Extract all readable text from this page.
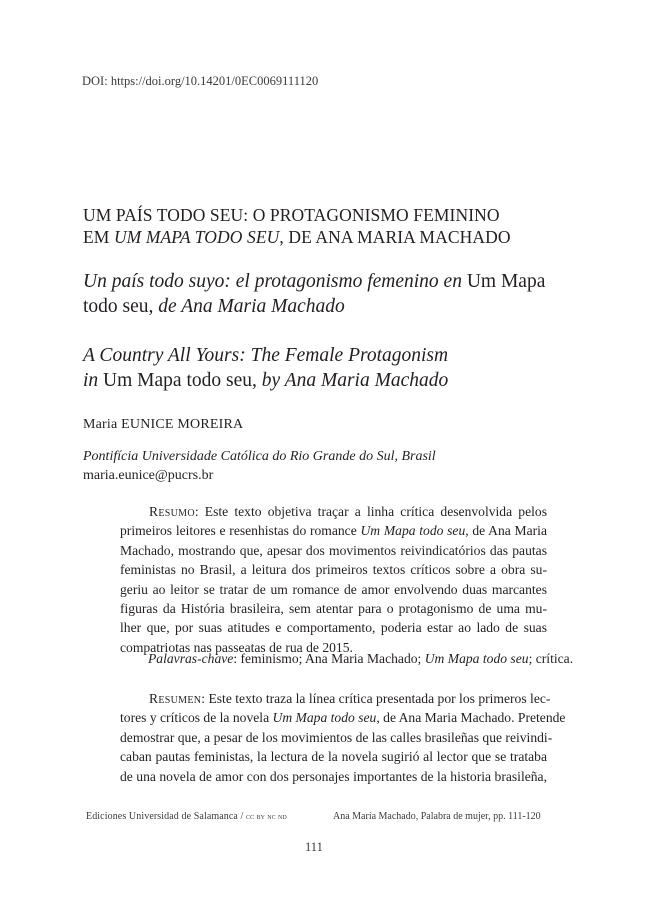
DOI: https://doi.org/10.14201/0EC0069111120
UM PAÍS TODO SEU: O PROTAGONISMO FEMININO
EM UM MAPA TODO SEU, DE ANA MARIA MACHADO
Un país todo suyo: el protagonismo femenino en Um Mapa
todo seu, de Ana Maria Machado
A Country All Yours: The Female Protagonism
in Um Mapa todo seu, by Ana Maria Machado
Maria EUNICE MOREIRA
Pontifícia Universidade Católica do Rio Grande do Sul, Brasil
maria.eunice@pucrs.br
Resumo: Este texto objetiva traçar a linha crítica desenvolvida pelos
primeiros leitores e resenhistas do romance Um Mapa todo seu, de Ana Maria
Machado, mostrando que, apesar dos movimentos reivindicatórios das pautas
feministas no Brasil, a leitura dos primeiros textos críticos sobre a obra su-
geriu ao leitor se tratar de um romance de amor envolvendo duas marcantes
figuras da História brasileira, sem atentar para o protagonismo de uma mu-
lher que, por suas atitudes e comportamento, poderia estar ao lado de suas
compatriotas nas passeatas de rua de 2015.
Palavras-chave: feminismo; Ana Maria Machado; Um Mapa todo seu; crítica.
Resumen: Este texto traza la línea crítica presentada por los primeros lec-
tores y críticos de la novela Um Mapa todo seu, de Ana Maria Machado. Pretende
demostrar que, a pesar de los movimientos de las calles brasileñas que reivindi-
caban pautas feministas, la lectura de la novela sugirió al lector que se trataba
de una novela de amor con dos personajes importantes de la historia brasileña,
Ediciones Universidad de Salamanca / cc by nc nd	Ana María Machado, Palabra de mujer, pp. 111-120
111
